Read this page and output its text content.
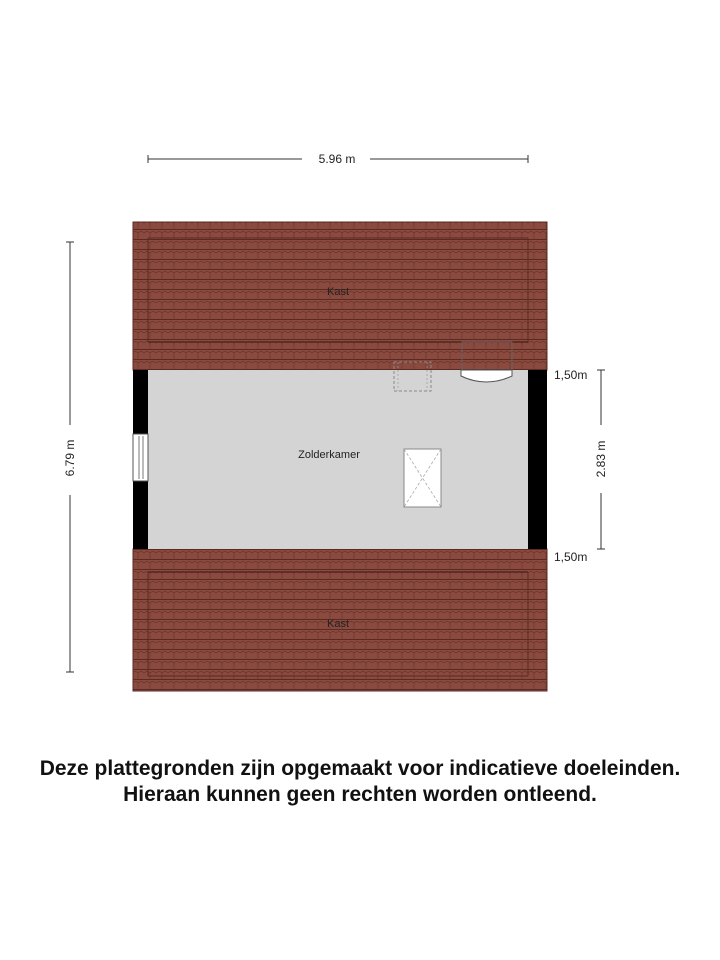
5.96 m
6.79 m
Kast
Zolderkamer
Kast
2.83 m
1,50m
1,50m
Deze plattegronden zijn opgemaakt voor indicatieve doeleinden.
Hieraan kunnen geen rechten worden ontleend.
